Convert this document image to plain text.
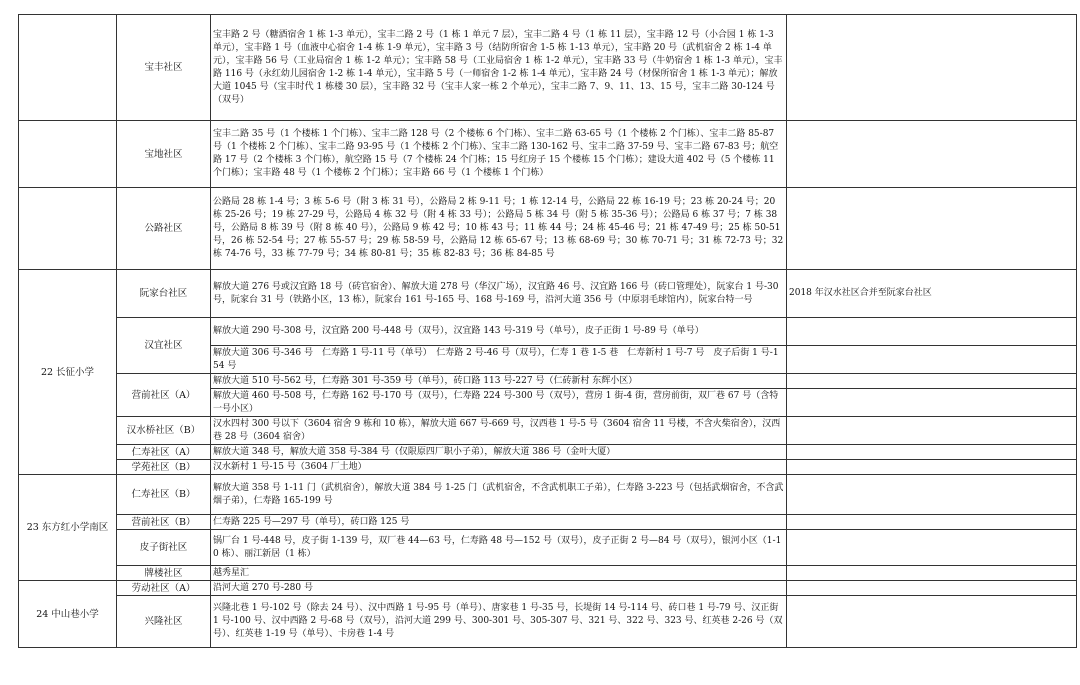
	宝丰社区	宝丰路 2 号（糖酒宿舍 1 栋 1-3 单元），宝丰二路 2 号（1 栋 1 单元 7 层），宝丰二路 4 号（1 栋 11 层），宝丰路 12 号（小合园 1 栋 1-3 单元），宝丰路 1 号（血液中心宿舍 1-4 栋 1-9 单元），宝丰路 3 号（结防所宿舍 1-5 栋 1-13 单元），宝丰路 20 号（武机宿舍 2 栋 1-4 单元），宝丰路 56 号（工业局宿舍 1 栋 1-2 单元）；宝丰路 58 号（工业局宿舍 1 栋 1-2 单元），宝丰路 33 号（牛奶宿舍 1 栋 1-3 单元），宝丰路 116 号（永红幼儿园宿舍 1-2 栋 1-4 单元），宝丰路 5 号（一师宿舍 1-2 栋 1-4 单元），宝丰路 24 号（材保所宿舍 1 栋 1-3 单元）；解放大道 1045 号（宝丰时代 1 栋楼 30 层），宝丰路 32 号（宝丰人家一栋 2 个单元），宝丰二路 7、9、11、13、15 号，宝丰二路 30-124 号（双号）	
	宝地社区	宝丰二路 35 号（1 个楼栋 1 个门栋）、宝丰二路 128 号（2 个楼栋 6 个门栋）、宝丰二路 63-65 号（1 个楼栋 2 个门栋）、宝丰二路 85-87 号（1 个楼栋 2 个门栋）、宝丰二路 93-95 号（1 个楼栋 2 个门栋）、宝丰二路 130-162 号、宝丰二路 37-59 号、宝丰二路 67-83 号；航空路 17 号（2 个楼栋 3 个门栋），航空路 15 号（7 个楼栋 24 个门栋；15 号红房子 15 个楼栋 15 个门栋）；建设大道 402 号（5 个楼栋 11 个门栋）；宝丰路 48 号（1 个楼栋 2 个门栋）；宝丰路 66 号（1 个楼栋 1 个门栋）	
	公路社区	公路局 28 栋 1-4 号；3 栋 5-6 号（附 3 栋 31 号），公路局 2 栋 9-11 号；1 栋 12-14 号，公路局 22 栋 16-19 号；23 栋 20-24 号；20 栋 25-26 号；19 栋 27-29 号，公路局 4 栋 32 号（附 4 栋 33 号）；公路局 5 栋 34 号（附 5 栋 35-36 号）；公路局 6 栋 37 号；7 栋 38 号，公路局 8 栋 39 号（附 8 栋 40 号），公路局 9 栋 42 号；10 栋 43 号；11 栋 44 号；24 栋 45-46 号；21 栋 47-49 号；25 栋 50-51 号，26 栋 52-54 号；27 栋 55-57 号；29 栋 58-59 号，公路局 12 栋 65-67 号；13 栋 68-69 号；30 栋 70-71 号；31 栋 72-73 号；32 栋 74-76 号，33 栋 77-79 号；34 栋 80-81 号；35 栋 82-83 号；36 栋 84-85 号	
22 长征小学	阮家台社区	解放大道 276 号或汉宜路 18 号（砖官宿舍）、解放大道 278 号（华汉广场），汉宜路 46 号、汉宜路 166 号（砖口管理处），阮家台 1 号-30 号，阮家台 31 号（铁路小区，13 栋），阮家台 161 号-165 号、168 号-169 号，沿河大道 356 号（中原羽毛球馆内），阮家台特一号	2018 年汉水社区合并至阮家台社区
	汉宜社区	解放大道 290 号-308 号，汉宜路 200 号-448 号（双号），汉宜路 143 号-319 号（单号），皮子正街 1 号-89 号（单号）	
		解放大道 306 号-346 号　仁寿路 1 号-11 号（单号）　仁寿路 2 号-46 号（双号），仁寿 1 巷 1-5 巷　仁寿新村 1 号-7 号　皮子后街 1 号-154 号	
	营前社区（A）	解放大道 510 号-562 号，仁寿路 301 号-359 号（单号），砖口路 113 号-227 号（仁砖新村 东辉小区）	
		解放大道 460 号-508 号，仁寿路 162 号-170 号（双号），仁寿路 224 号-300 号（双号），营房 1 街-4 街，营房前街，双厂巷 67 号（含特一号小区）	
	汉水桥社区（B）	汉水四村 300 号以下（3604 宿舍 9 栋和 10 栋），解放大道 667 号-669 号，汉西巷 1 号-5 号（3604 宿舍 11 号楼，不含火柴宿舍），汉西巷 28 号（3604 宿舍）	
	仁寿社区（A）	解放大道 348 号，解放大道 358 号-384 号（仅限原四厂职小子弟），解放大道 386 号（金叶大厦）	
	学苑社区（B）	汉水新村 1 号-15 号（3604 厂土地）	
23 东方红小学南区	仁寿社区（B）	解放大道 358 号 1-11 门（武机宿舍），解放大道 384 号 1-25 门（武机宿舍，不含武机职工子弟），仁寿路 3-223 号（包括武烟宿舍，不含武烟子弟），仁寿路 165-199 号	
	营前社区（B）	仁寿路 225 号—297 号（单号），砖口路 125 号	
	皮子街社区	锅厂台 1 号-448 号，皮子街 1-139 号，双厂巷 44—63 号，仁寿路 48 号—152 号（双号），皮子正街 2 号—84 号（双号），银河小区（1-10 栋）、丽江新居（1 栋）	
	牌楼社区	越秀星汇	
24 中山巷小学	劳动社区（A）	沿河大道 270 号-280 号	
	兴隆社区	兴隆北巷 1 号-102 号（除去 24 号）、汉中西路 1 号-95 号（单号）、唐家巷 1 号-35 号，长堤街 14 号-114 号、砖口巷 1 号-79 号、汉正街 1 号-100 号、汉中西路 2 号-68 号（双号），沿河大道 299 号、300-301 号、305-307 号、321 号、322 号、323 号、红英巷 2-26 号（双号）、红英巷 1-19 号（单号）、卡房巷 1-4 号	
